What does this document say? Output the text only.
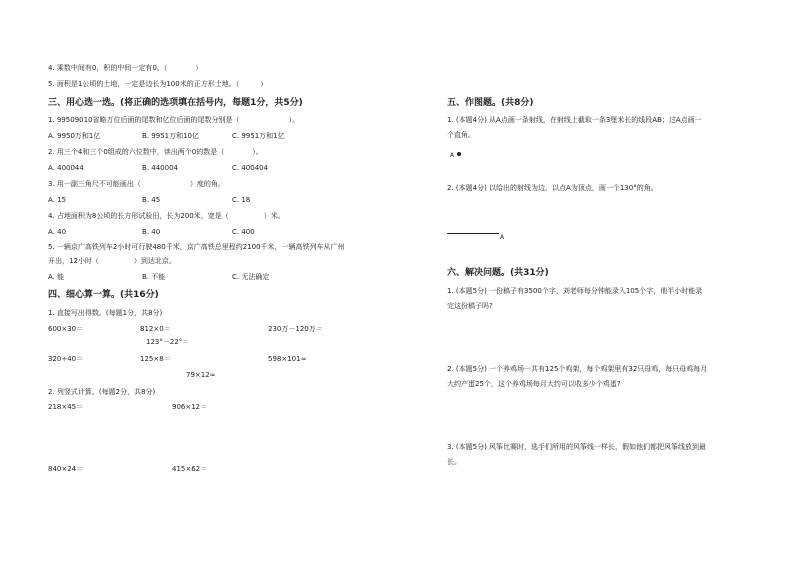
4. 乘数中间有0，积的中间一定有0。（　　　　）
5. 面积是1公顷的土地，一定是边长为100米的正方形土地。（　　　）
三、用心选一选。(将正确的选项填在括号内，每题1分，共5分)
1. 99509010省略万位后面的尾数和亿位后面的尾数分别是（　　　　　　　）。
A. 9950万和1亿	B. 9951万和10亿	C. 9951万和1亿
2. 用三个4和三个0组成的六位数中，读出两个0的数是（　　　　）。
A. 400044	B. 440004	C. 400404
3. 用一副三角尺不可能画出（　　　　　　　）度的角。
A. 15	B. 45	C. 18
4. 占地面积为8公顷的长方形试验田，长为200米，宽是（　　　　　）米。
A. 40	B. 40	C. 400
5. 一辆京广高铁列车2小时可行驶480千米，京广高铁总里程约2100千米，一辆高铁列车从广州
开出，12小时（　　　　　）到达北京。
A. 能	B. 不能	C. 无法确定
四、细心算一算。(共16分)
1. 直接写出得数。(每题1分，共8分)
600×30＝	812×0＝	230万－120万＝
123°－22°＝
320÷40＝	125×8＝	598×101≈
79×12≈
2. 列竖式计算。(每题2分，共8分)
218×45＝	906×12＝
840×24＝	415×62＝
五、作图题。(共8分)
1. (本题4分) 从A点画一条射线，在射线上截取一条3厘米长的线段AB；过A点画一
个直角。
A
2. (本题4分) 以给出的射线为边，以点A为顶点，画一个130°的角。
A
六、解决问题。(共31分)
1. (本题5分) 一份稿子有3500个字，刘老师每分钟能录入105个字，他半小时能录
完这份稿子吗?
2. (本题5分) 一个养鸡场一共有125个鸡架，每个鸡架里有32只母鸡，每只母鸡每月
大约产蛋25个，这个养鸡场每月大约可以收多少个鸡蛋?
3. (本题5分) 风筝比赛时，选手们所用的风筝线一样长，假如他们都把风筝线放到最
长。
